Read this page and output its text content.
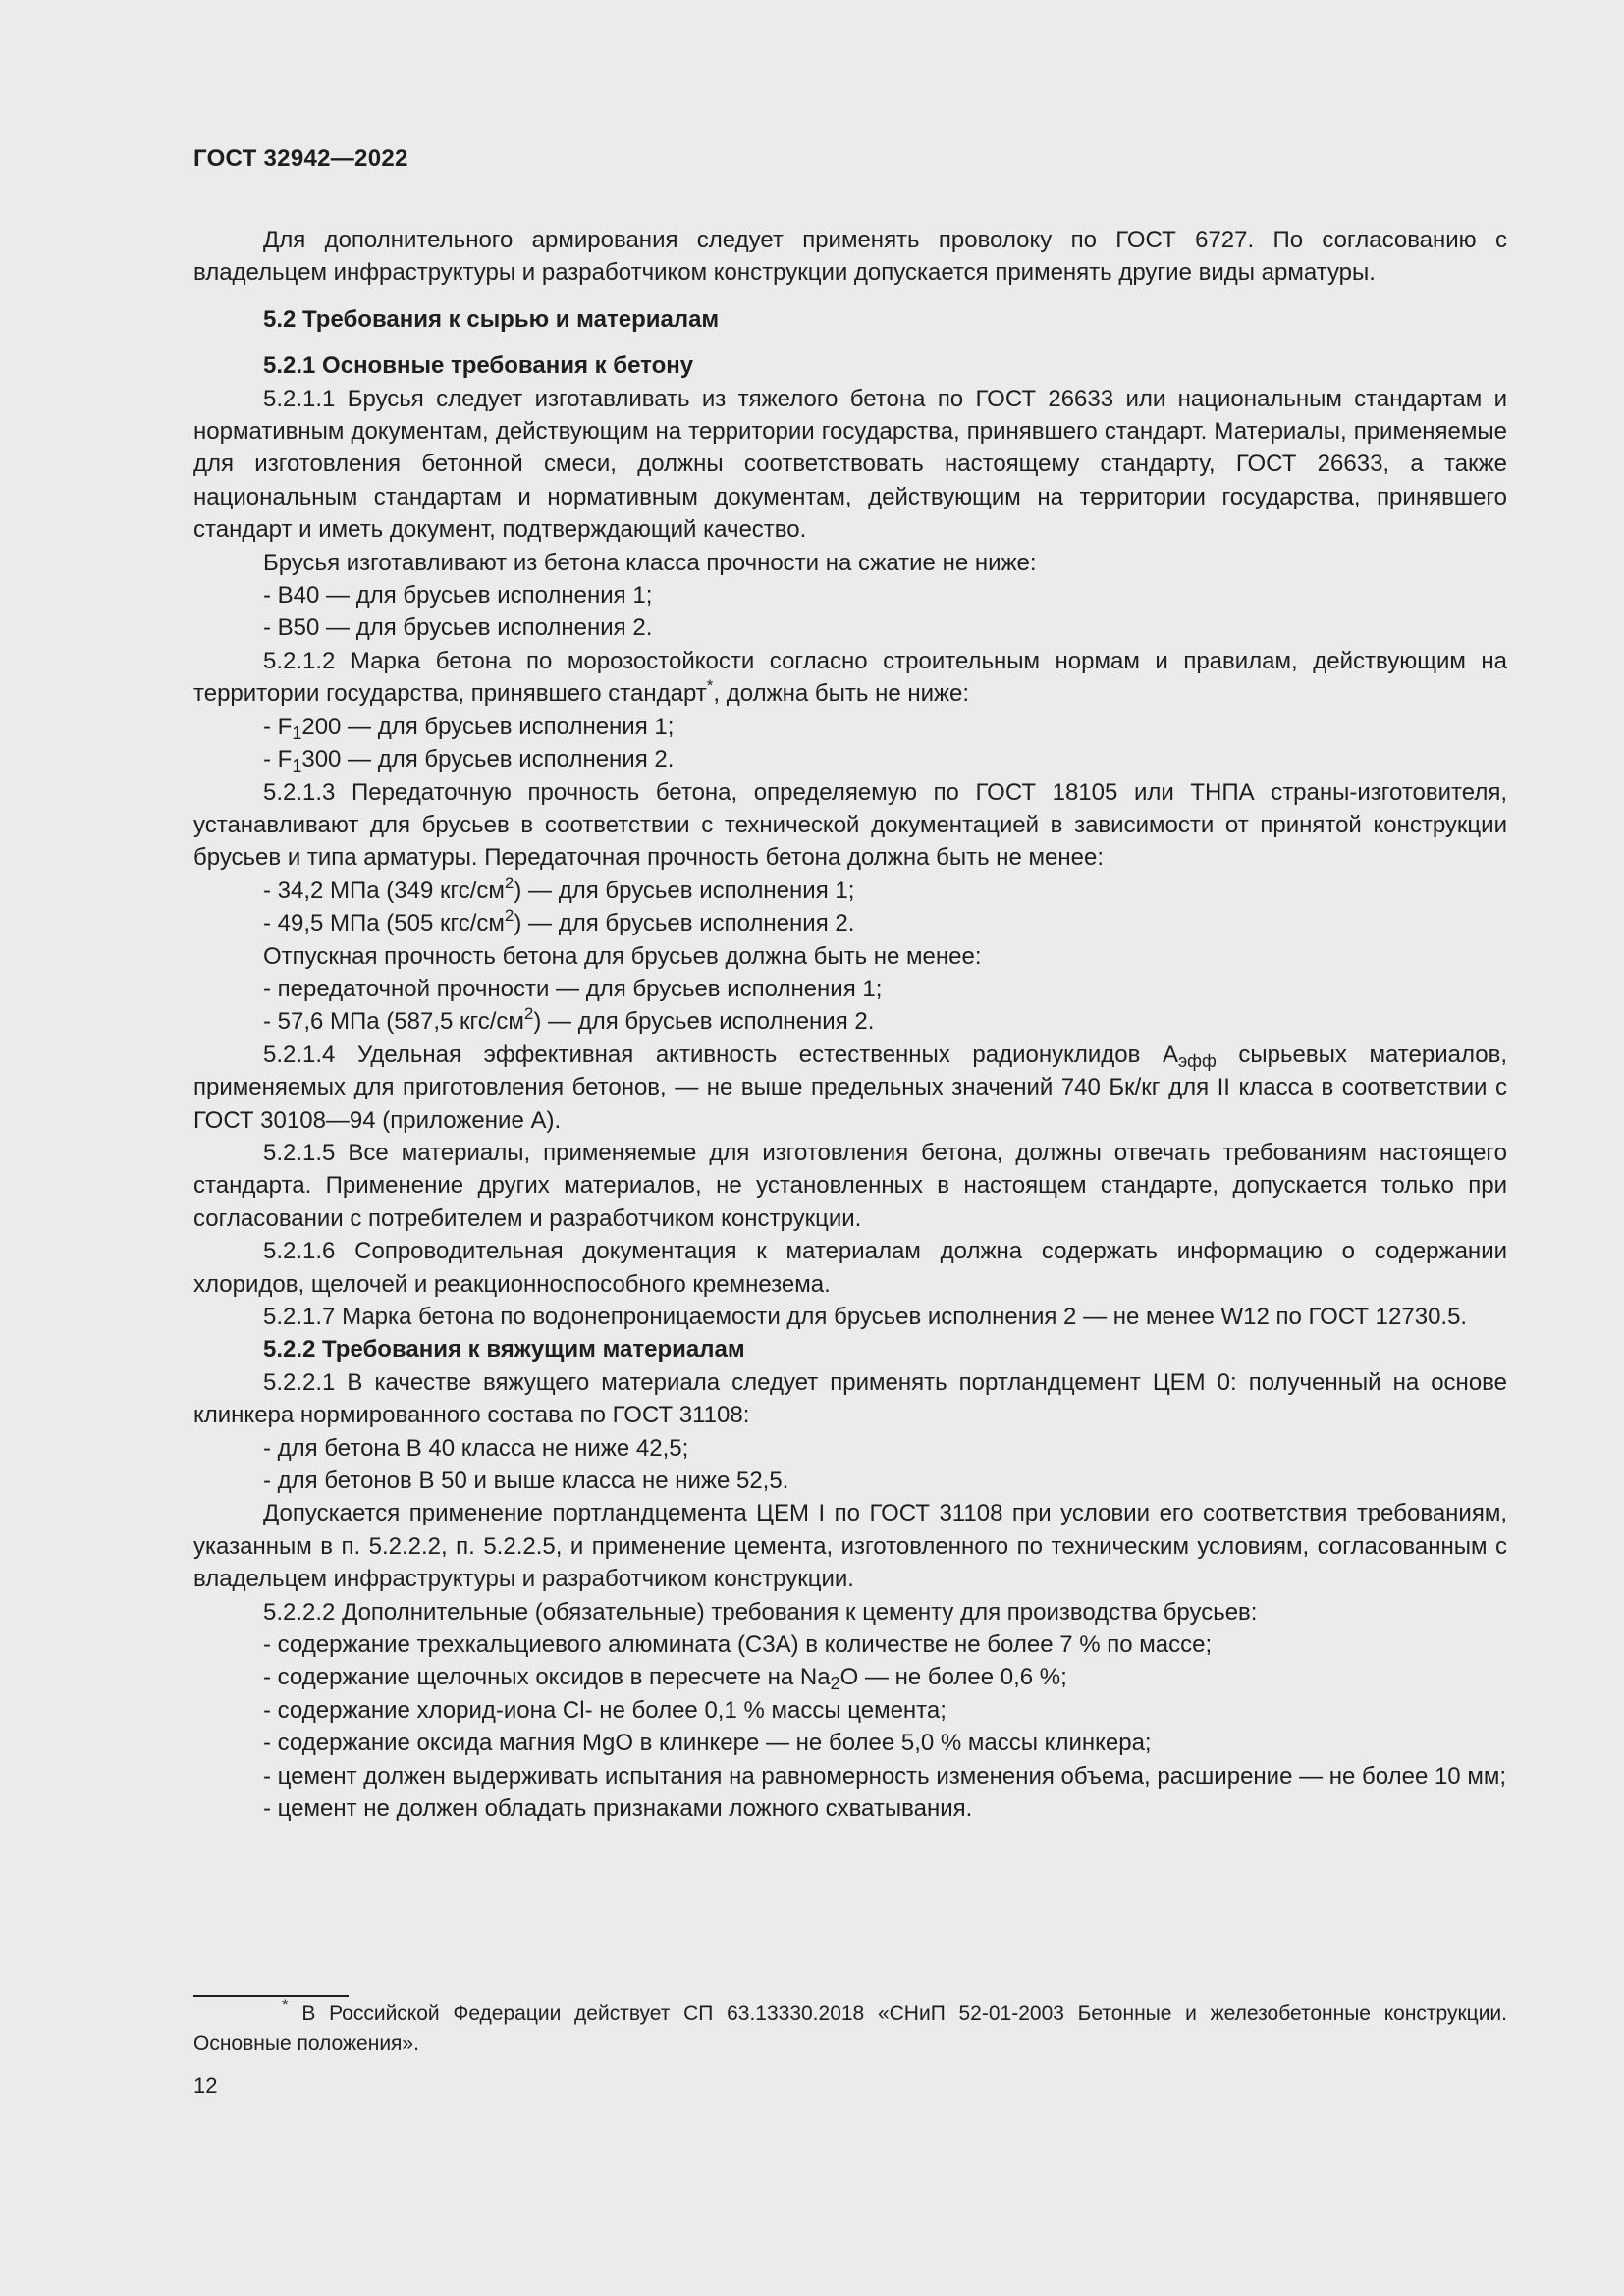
ГОСТ 32942—2022

Для дополнительного армирования следует применять проволоку по ГОСТ 6727. По согласованию с владельцем инфраструктуры и разработчиком конструкции допускается применять другие виды арматуры.

5.2 Требования к сырью и материалам

5.2.1 Основные требования к бетону

5.2.1.1 Брусья следует изготавливать из тяжелого бетона по ГОСТ 26633 или национальным стандартам и нормативным документам, действующим на территории государства, принявшего стандарт. Материалы, применяемые для изготовления бетонной смеси, должны соответствовать настоящему стандарту, ГОСТ 26633, а также национальным стандартам и нормативным документам, действующим на территории государства, принявшего стандарт и иметь документ, подтверждающий качество.

Брусья изготавливают из бетона класса прочности на сжатие не ниже:

- В40 — для брусьев исполнения 1;

- В50 — для брусьев исполнения 2.

5.2.1.2 Марка бетона по морозостойкости согласно строительным нормам и правилам, действующим на территории государства, принявшего стандарт*, должна быть не ниже:

- $F_1200$ — для брусьев исполнения 1;

- $F_1300$ — для брусьев исполнения 2.

5.2.1.3 Передаточную прочность бетона, определяемую по ГОСТ 18105 или ТНПА страны-изготовителя, устанавливают для брусьев в соответствии с технической документацией в зависимости от принятой конструкции брусьев и типа арматуры. Передаточная прочность бетона должна быть не менее:

- 34,2 МПа (349 кгс/$см^2$) — для брусьев исполнения 1;

- 49,5 МПа (505 кгс/$см^2$) — для брусьев исполнения 2.

Отпускная прочность бетона для брусьев должна быть не менее:

- передаточной прочности — для брусьев исполнения 1;

- 57,6 МПа (587,5 кгс/$см^2$) — для брусьев исполнения 2.

5.2.1.4 Удельная эффективная активность естественных радионуклидов $А_{эфф}$ сырьевых материалов, применяемых для приготовления бетонов, — не выше предельных значений 740 Бк/кг для II класса в соответствии с ГОСТ 30108—94 (приложение А).

5.2.1.5 Все материалы, применяемые для изготовления бетона, должны отвечать требованиям настоящего стандарта. Применение других материалов, не установленных в настоящем стандарте, допускается только при согласовании с потребителем и разработчиком конструкции.

5.2.1.6 Сопроводительная документация к материалам должна содержать информацию о содержании хлоридов, щелочей и реакционноспособного кремнезема.

5.2.1.7 Марка бетона по водонепроницаемости для брусьев исполнения 2 — не менее W12 по ГОСТ 12730.5.

5.2.2 Требования к вяжущим материалам

5.2.2.1 В качестве вяжущего материала следует применять портландцемент ЦЕМ 0: полученный на основе клинкера нормированного состава по ГОСТ 31108:

- для бетона В 40 класса не ниже 42,5;

- для бетонов В 50 и выше класса не ниже 52,5.

Допускается применение портландцемента ЦЕМ I по ГОСТ 31108 при условии его соответствия требованиям, указанным в п. 5.2.2.2, п. 5.2.2.5, и применение цемента, изготовленного по техническим условиям, согласованным с владельцем инфраструктуры и разработчиком конструкции.

5.2.2.2 Дополнительные (обязательные) требования к цементу для производства брусьев:

- содержание трехкальциевого алюмината (С3А) в количестве не более 7 % по массе;

- содержание щелочных оксидов в пересчете на $Na_2О$ — не более 0,6 %;

- содержание хлорид-иона Cl- не более 0,1 % массы цемента;

- содержание оксида магния MgO в клинкере — не более 5,0 % массы клинкера;

- цемент должен выдерживать испытания на равномерность изменения объема, расширение — не более 10 мм;

- цемент не должен обладать признаками ложного схватывания.

* В Российской Федерации действует СП 63.13330.2018 «СНиП 52-01-2003 Бетонные и железобетонные конструкции. Основные положения».
12
